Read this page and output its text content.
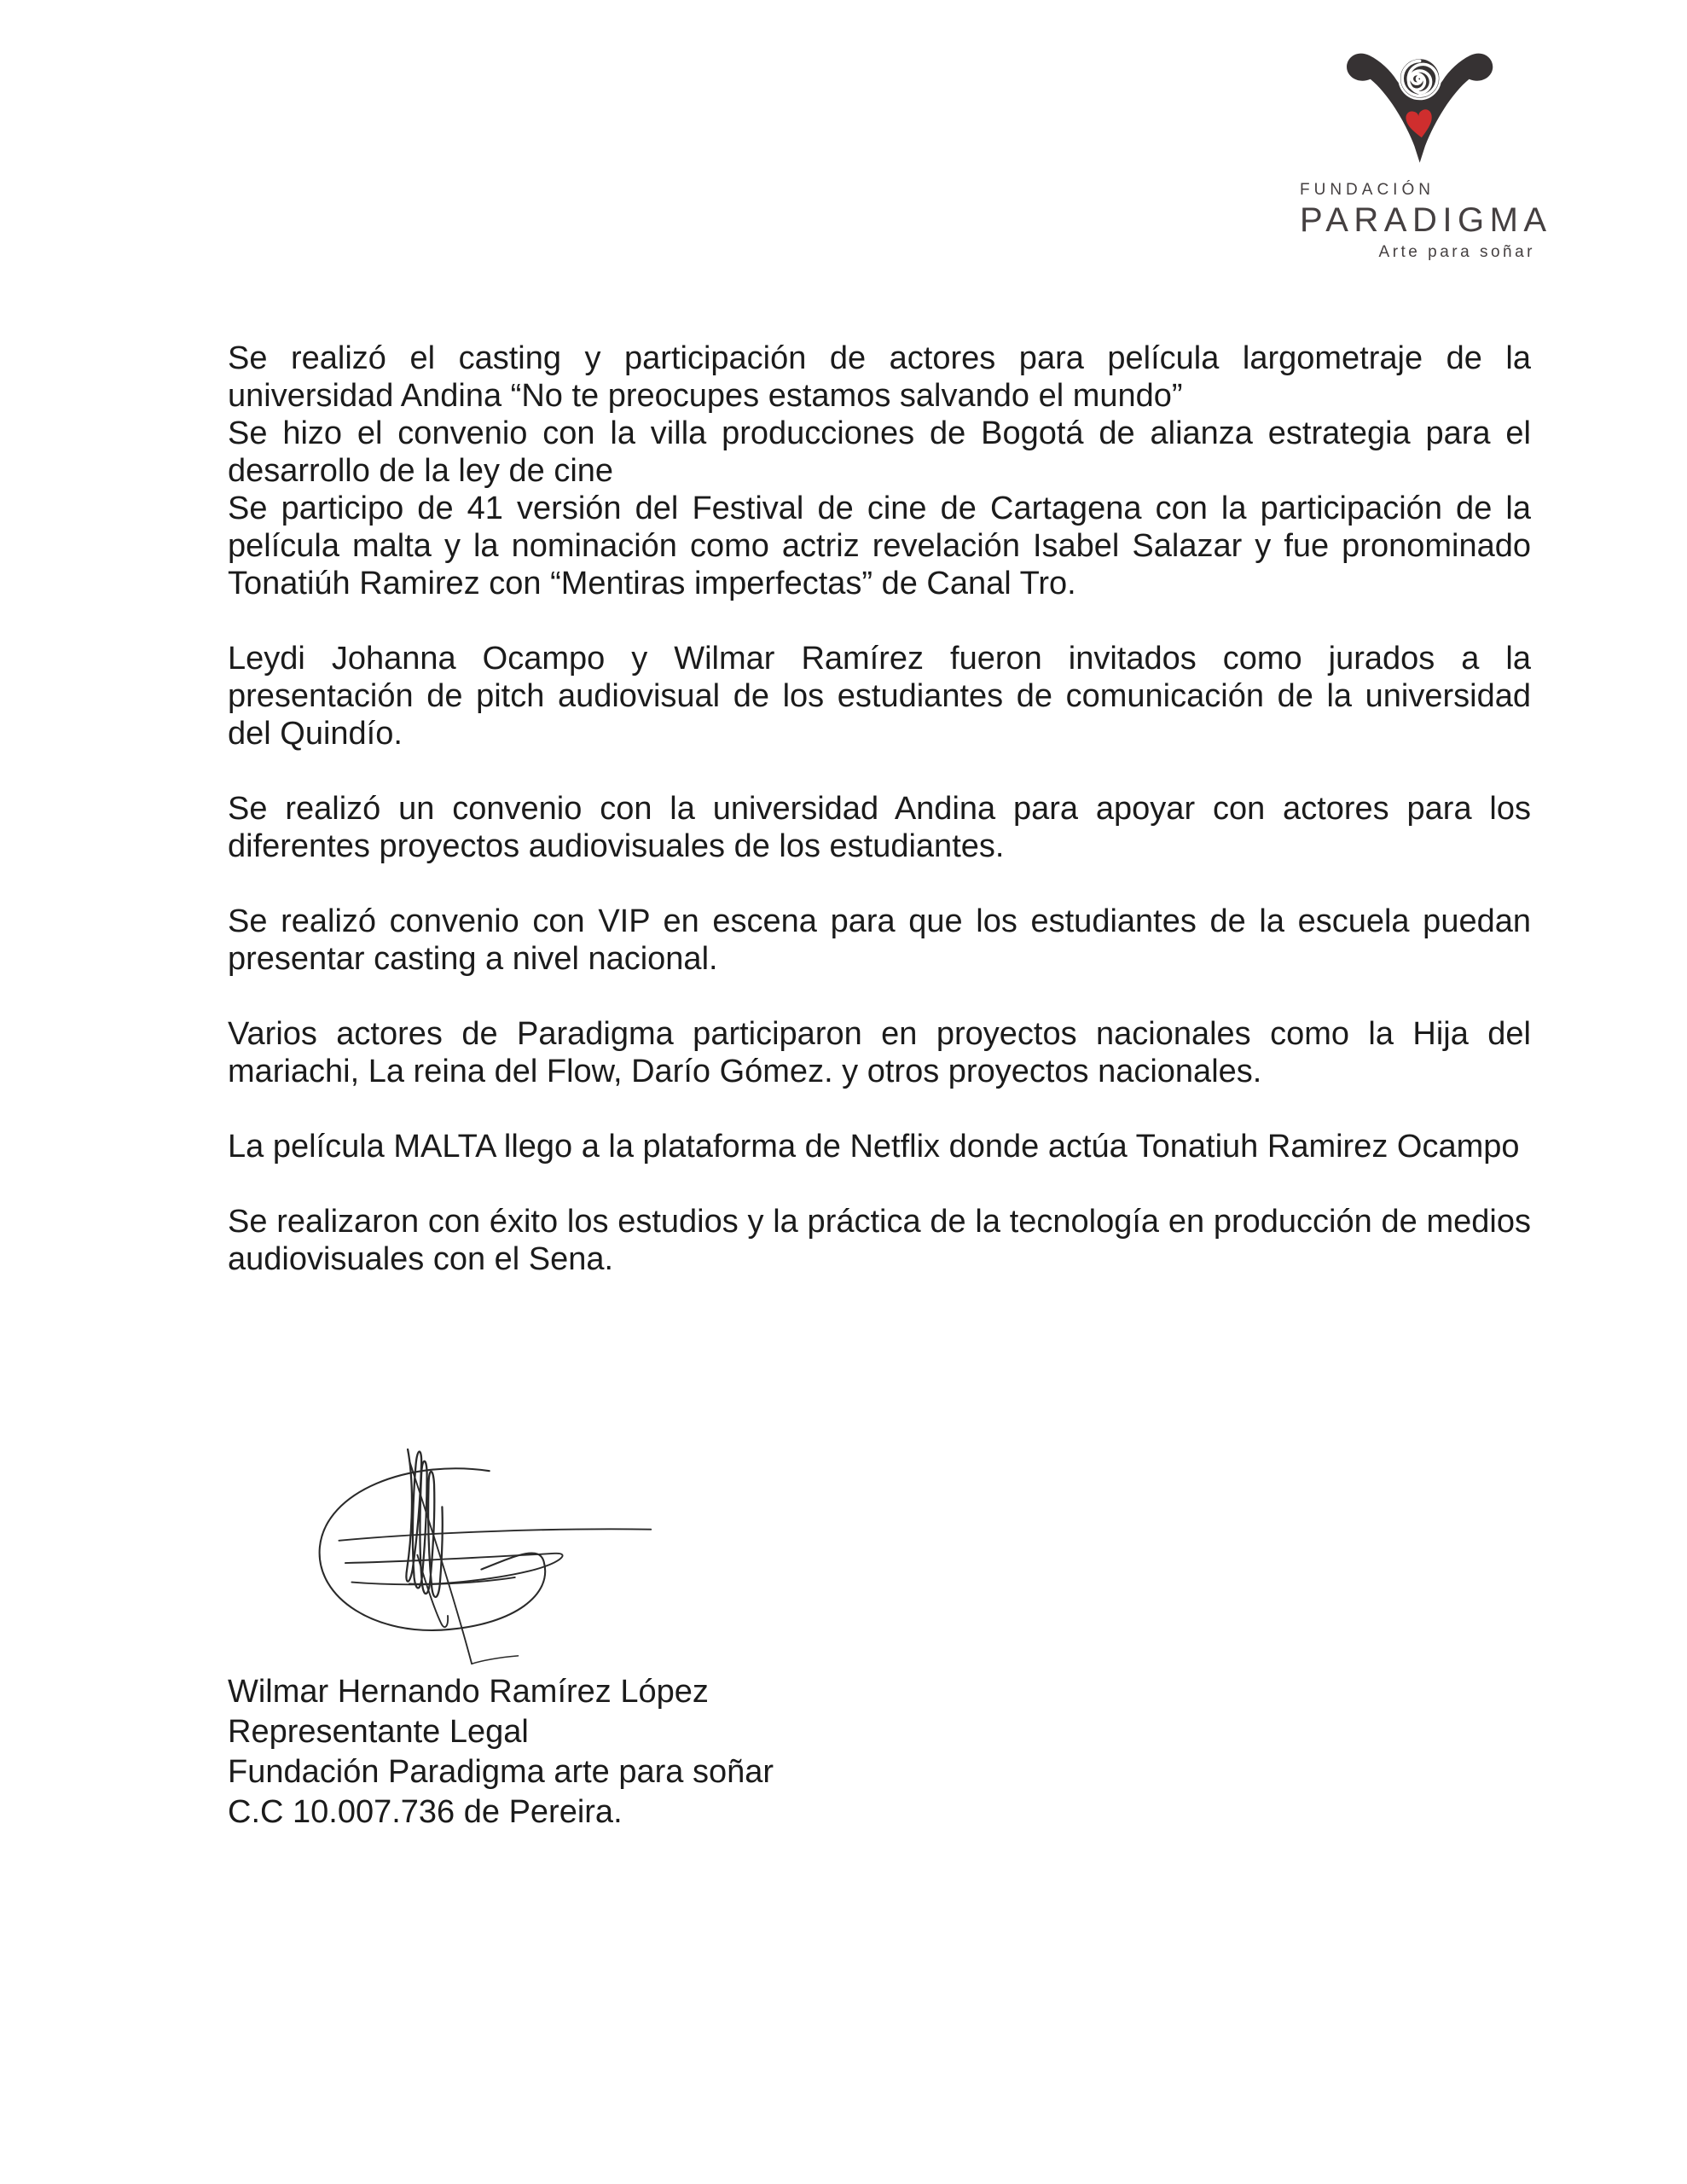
FUNDACIÓN
PARADIGMA
Arte para soñar

Se realizó el casting y participación de actores para película largometraje de la universidad Andina “No te preocupes estamos salvando el mundo”

Se hizo el convenio con la villa producciones de Bogotá de alianza estrategia para el desarrollo de la ley de cine

Se participo de 41 versión del Festival de cine de Cartagena con la participación de la película malta y la nominación como actriz revelación Isabel Salazar y fue pronominado Tonatiúh Ramirez con “Mentiras imperfectas” de Canal Tro.

Leydi Johanna Ocampo y Wilmar Ramírez fueron invitados como jurados a la presentación de pitch audiovisual de los estudiantes de comunicación de la universidad del Quindío.

Se realizó un convenio con la universidad Andina para apoyar con actores para los diferentes proyectos audiovisuales de los estudiantes.

Se realizó convenio con VIP en escena para que los estudiantes de la escuela puedan presentar casting a nivel nacional.

Varios actores de Paradigma participaron en proyectos nacionales como la Hija del mariachi, La reina del Flow, Darío Gómez. y otros proyectos nacionales.

La película MALTA llego a la plataforma de Netflix donde actúa Tonatiuh Ramirez Ocampo

Se realizaron con éxito los estudios y la práctica de la tecnología en producción de medios audiovisuales con el Sena.

Wilmar Hernando Ramírez López
Representante Legal
Fundación Paradigma arte para soñar
C.C 10.007.736 de Pereira.
